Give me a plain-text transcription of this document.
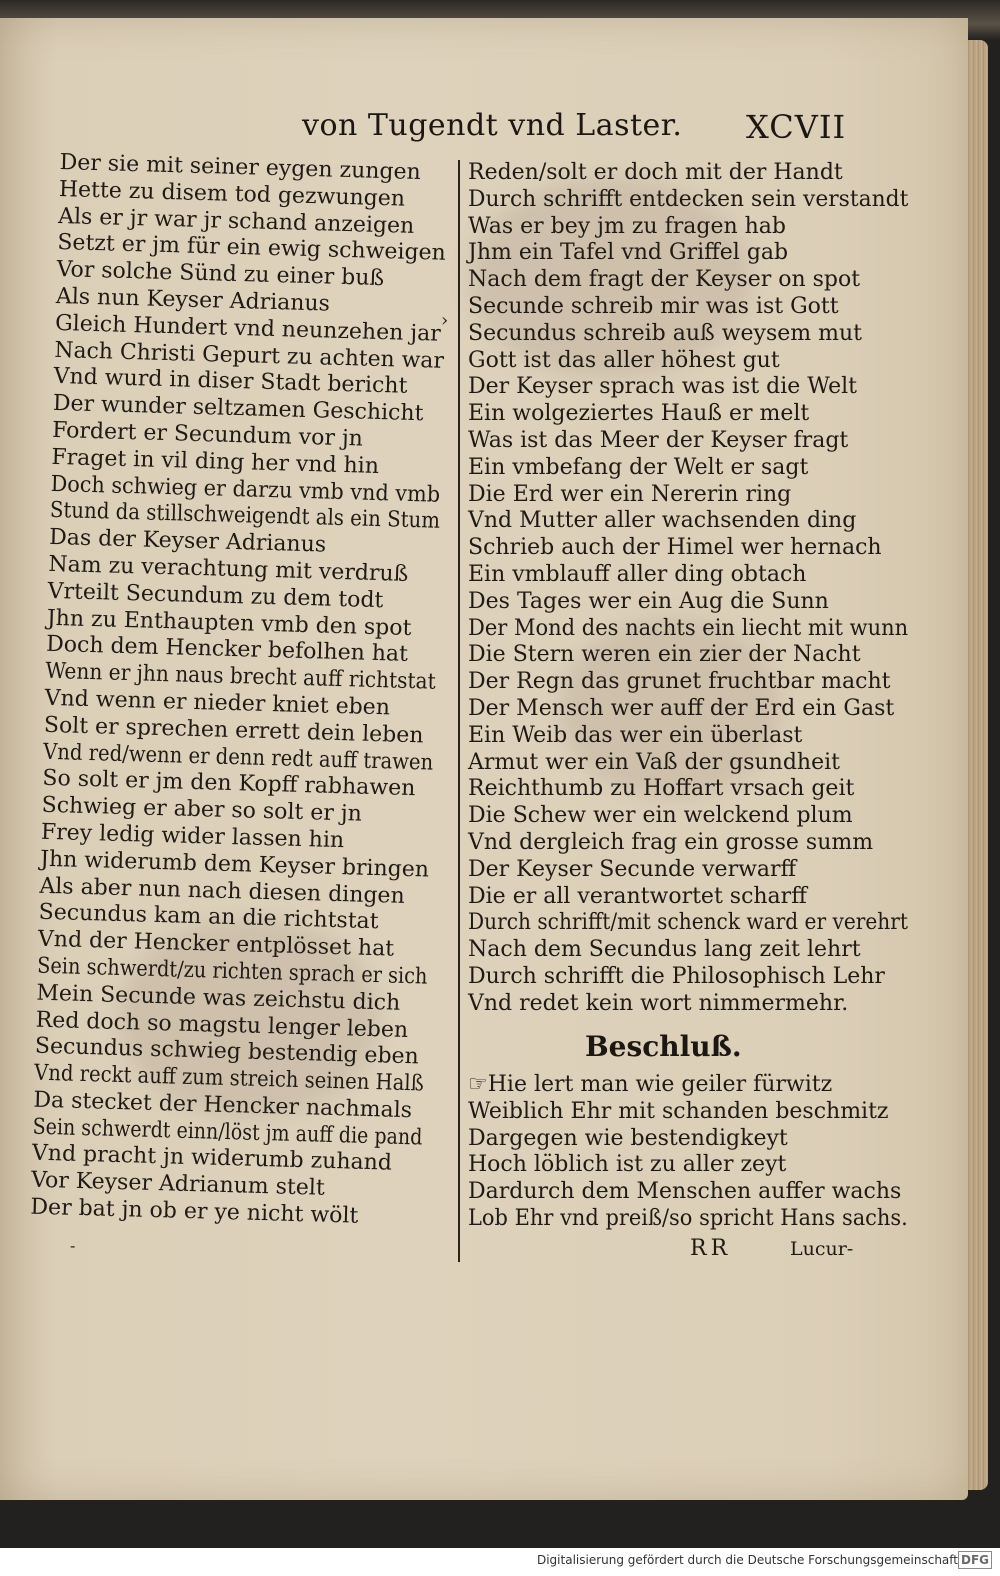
von Tugendt vnd Laster. XCVII
Der sie mit seiner eygen zungen
Hette zu disem tod gezwungen
Als er jr war jr schand anzeigen
Setzt er jm für ein ewig schweigen
Vor solche Sünd zu einer buß
Als nun Keyser Adrianus
Gleich Hundert vnd neunzehen jar
Nach Christi Gepurt zu achten war
Vnd wurd in diser Stadt bericht
Der wunder seltzamen Geschicht
Fordert er Secundum vor jn
Fraget in vil ding her vnd hin
Doch schwieg er darzu vmb vnd vmb
Stund da stillschweigendt als ein Stum
Das der Keyser Adrianus
Nam zu verachtung mit verdruß
Vrteilt Secundum zu dem todt
Jhn zu Enthaupten vmb den spot
Doch dem Hencker befolhen hat
Wenn er jhn naus brecht auff richtstat
Vnd wenn er nieder kniet eben
Solt er sprechen errett dein leben
Vnd red/wenn er denn redt auff trawen
So solt er jm den Kopff rabhawen
Schwieg er aber so solt er jn
Frey ledig wider lassen hin
Jhn widerumb dem Keyser bringen
Als aber nun nach diesen dingen
Secundus kam an die richtstat
Vnd der Hencker entplösset hat
Sein schwerdt/zu richten sprach er sich
Mein Secunde was zeichstu dich
Red doch so magstu lenger leben
Secundus schwieg bestendig eben
Vnd reckt auff zum streich seinen Halß
Da stecket der Hencker nachmals
Sein schwerdt einn/löst jm auff die pand
Vnd pracht jn widerumb zuhand
Vor Keyser Adrianum stelt
Der bat jn ob er ye nicht wölt
Reden/solt er doch mit der Handt
Durch schrifft entdecken sein verstandt
Was er bey jm zu fragen hab
Jhm ein Tafel vnd Griffel gab
Nach dem fragt der Keyser on spot
Secunde schreib mir was ist Gott
Secundus schreib auß weysem mut
Gott ist das aller höhest gut
Der Keyser sprach was ist die Welt
Ein wolgeziertes Hauß er melt
Was ist das Meer der Keyser fragt
Ein vmbefang der Welt er sagt
Die Erd wer ein Nererin ring
Vnd Mutter aller wachsenden ding
Schrieb auch der Himel wer hernach
Ein vmblauff aller ding obtach
Des Tages wer ein Aug die Sunn
Der Mond des nachts ein liecht mit wunn
Die Stern weren ein zier der Nacht
Der Regn das grunet fruchtbar macht
Der Mensch wer auff der Erd ein Gast
Ein Weib das wer ein überlast
Armut wer ein Vaß der gsundheit
Reichthumb zu Hoffart vrsach geit
Die Schew wer ein welckend plum
Vnd dergleich frag ein grosse summ
Der Keyser Secunde verwarff
Die er all verantwortet scharff
Durch schrifft/mit schenck ward er verehrt
Nach dem Secundus lang zeit lehrt
Durch schrifft die Philosophisch Lehr
Vnd redet kein wort nimmermehr.
Beschluß.
☞Hie lert man wie geiler fürwitz
Weiblich Ehr mit schanden beschmitz
Dargegen wie bestendigkeyt
Hoch löblich ist zu aller zeyt
Dardurch dem Menschen auffer wachs
Lob Ehr vnd preiß/so spricht Hans sachs.
RR	Lucur-
›
-
Digitalisierung gefördert durch die Deutsche Forschungsgemeinschaft DFG
